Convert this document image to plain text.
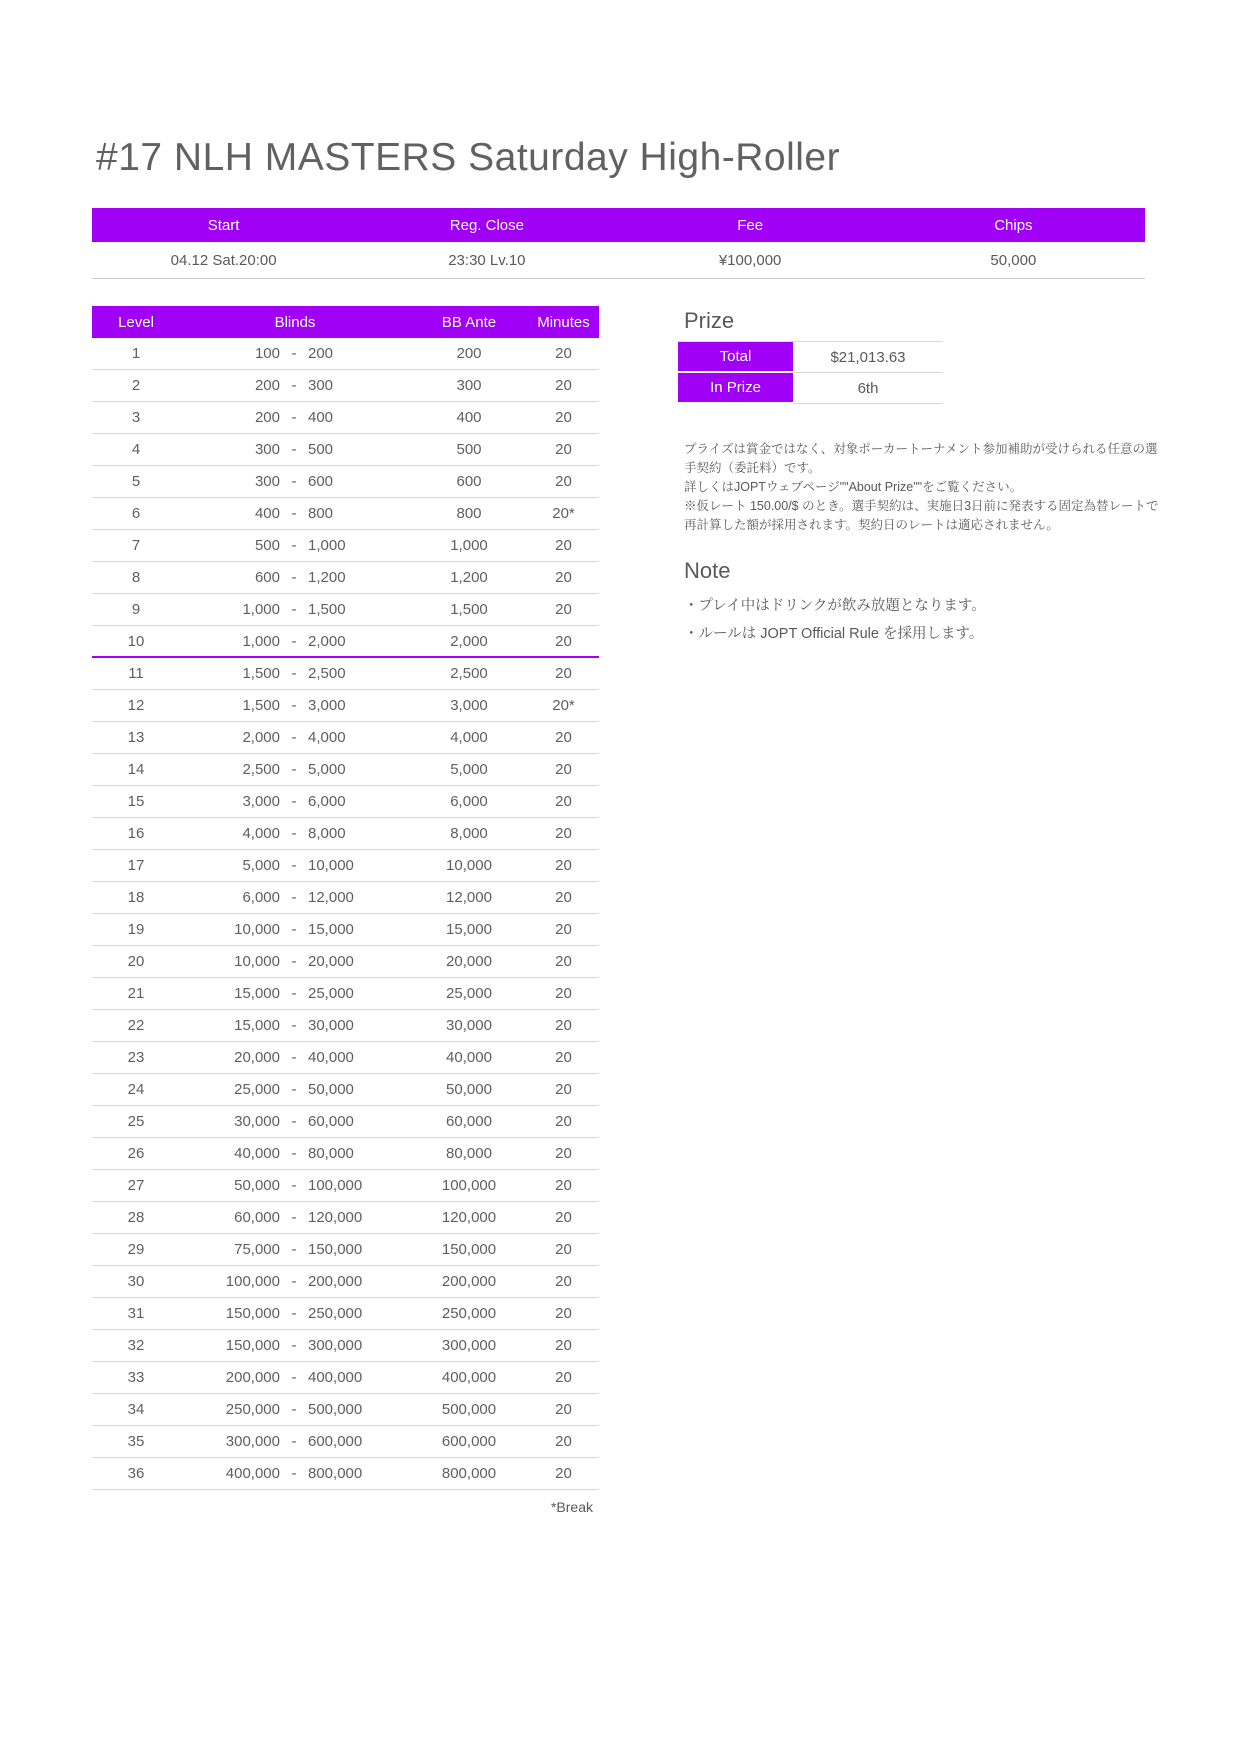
#17 NLH MASTERS Saturday High-Roller
Start	Reg. Close	Fee	Chips
04.12 Sat.20:00	23:30 Lv.10	¥100,000	50,000
Level	Blinds	BB Ante	Minutes
1	100 - 200	200	20
2	200 - 300	300	20
3	200 - 400	400	20
4	300 - 500	500	20
5	300 - 600	600	20
6	400 - 800	800	20*
7	500 - 1,000	1,000	20
8	600 - 1,200	1,200	20
9	1,000 - 1,500	1,500	20
10	1,000 - 2,000	2,000	20
11	1,500 - 2,500	2,500	20
12	1,500 - 3,000	3,000	20*
13	2,000 - 4,000	4,000	20
14	2,500 - 5,000	5,000	20
15	3,000 - 6,000	6,000	20
16	4,000 - 8,000	8,000	20
17	5,000 - 10,000	10,000	20
18	6,000 - 12,000	12,000	20
19	10,000 - 15,000	15,000	20
20	10,000 - 20,000	20,000	20
21	15,000 - 25,000	25,000	20
22	15,000 - 30,000	30,000	20
23	20,000 - 40,000	40,000	20
24	25,000 - 50,000	50,000	20
25	30,000 - 60,000	60,000	20
26	40,000 - 80,000	80,000	20
27	50,000 - 100,000	100,000	20
28	60,000 - 120,000	120,000	20
29	75,000 - 150,000	150,000	20
30	100,000 - 200,000	200,000	20
31	150,000 - 250,000	250,000	20
32	150,000 - 300,000	300,000	20
33	200,000 - 400,000	400,000	20
34	250,000 - 500,000	500,000	20
35	300,000 - 600,000	600,000	20
36	400,000 - 800,000	800,000	20
*Break
Prize
Total	$21,013.63
In Prize	6th
プライズは賞金ではなく、対象ポーカートーナメント参加補助が受けられる任意の選
手契約（委託料）です。
詳しくはJOPTウェブページ""About Prize""をご覧ください。
※仮レート 150.00/$ のとき。選手契約は、実施日3日前に発表する固定為替レートで
再計算した額が採用されます。契約日のレートは適応されません。
Note
・プレイ中はドリンクが飲み放題となります。
・ルールは JOPT Official Rule を採用します。
